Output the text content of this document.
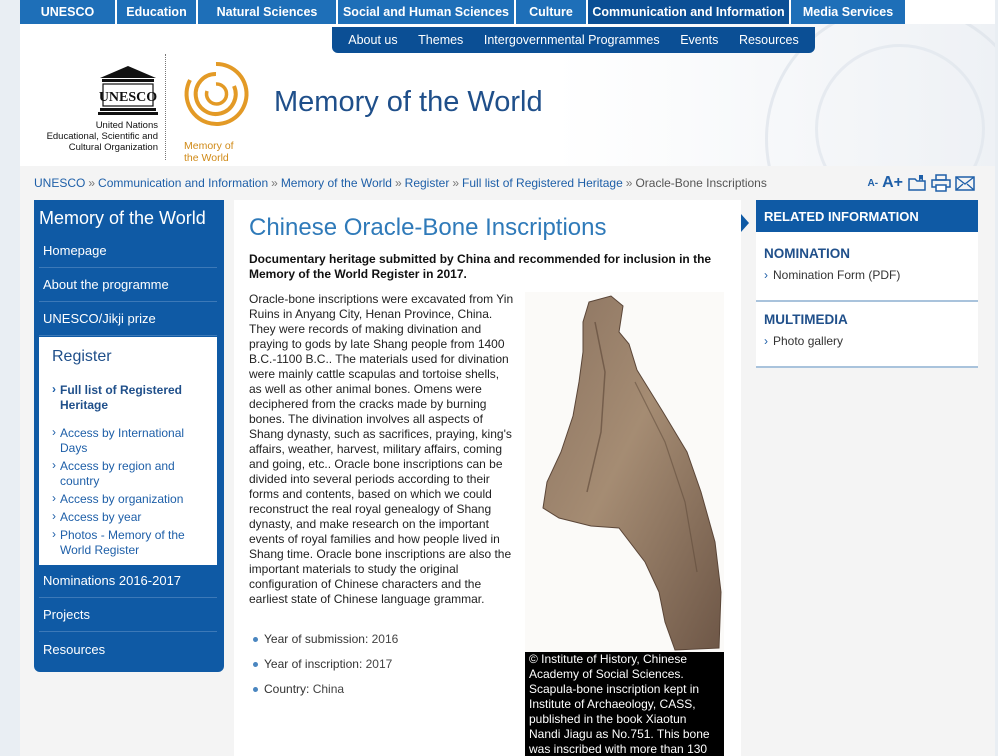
UNESCO	Education	Natural Sciences	Social and Human Sciences	Culture	Communication and Information	Media Services
UNESCO
United Nations
Educational, Scientific and
Cultural Organization Memory of
the World
Memory of the World
About us Themes Intergovernmental Programmes Events Resources
UNESCO » Communication and Information » Memory of the World » Register » Full list of Registered Heritage » Oracle-Bone Inscriptions	A- A+
Memory of the World
Homepage
About the programme
UNESCO/Jikji prize
Register
› Full list of Registered Heritage
› Access by International Days
› Access by region and country
› Access by organization
› Access by year
› Photos - Memory of the World Register
Nominations 2016-2017
Projects
Resources
Chinese Oracle-Bone Inscriptions
Documentary heritage submitted by China and recommended for inclusion in the Memory of the World Register in 2017.
Oracle-bone inscriptions were excavated from Yin Ruins in Anyang City, Henan Province, China. They were records of making divination and praying to gods by late Shang people from 1400 B.C.-1100 B.C.. The materials used for divination were mainly cattle scapulas and tortoise shells, as well as other animal bones. Omens were deciphered from the cracks made by burning bones. The divination involves all aspects of Shang dynasty, such as sacrifices, praying, king's affairs, weather, harvest, military affairs, coming and going, etc.. Oracle bone inscriptions can be divided into several periods according to their forms and contents, based on which we could reconstruct the real royal genealogy of Shang dynasty, and make research on the important events of royal families and how people lived in Shang time. Oracle bone inscriptions are also the important materials to study the original configuration of Chinese characters and the earliest state of Chinese language grammar.
Year of submission: 2016
Year of inscription: 2017
Country: China
© Institute of History, Chinese Academy of Social Sciences. Scapula-bone inscription kept in Institute of Archaeology, CASS, published in the book Xiaotun Nandi Jiagu as No.751. This bone was inscribed with more than 130
RELATED INFORMATION
NOMINATION
› Nomination Form (PDF)
MULTIMEDIA
› Photo gallery
